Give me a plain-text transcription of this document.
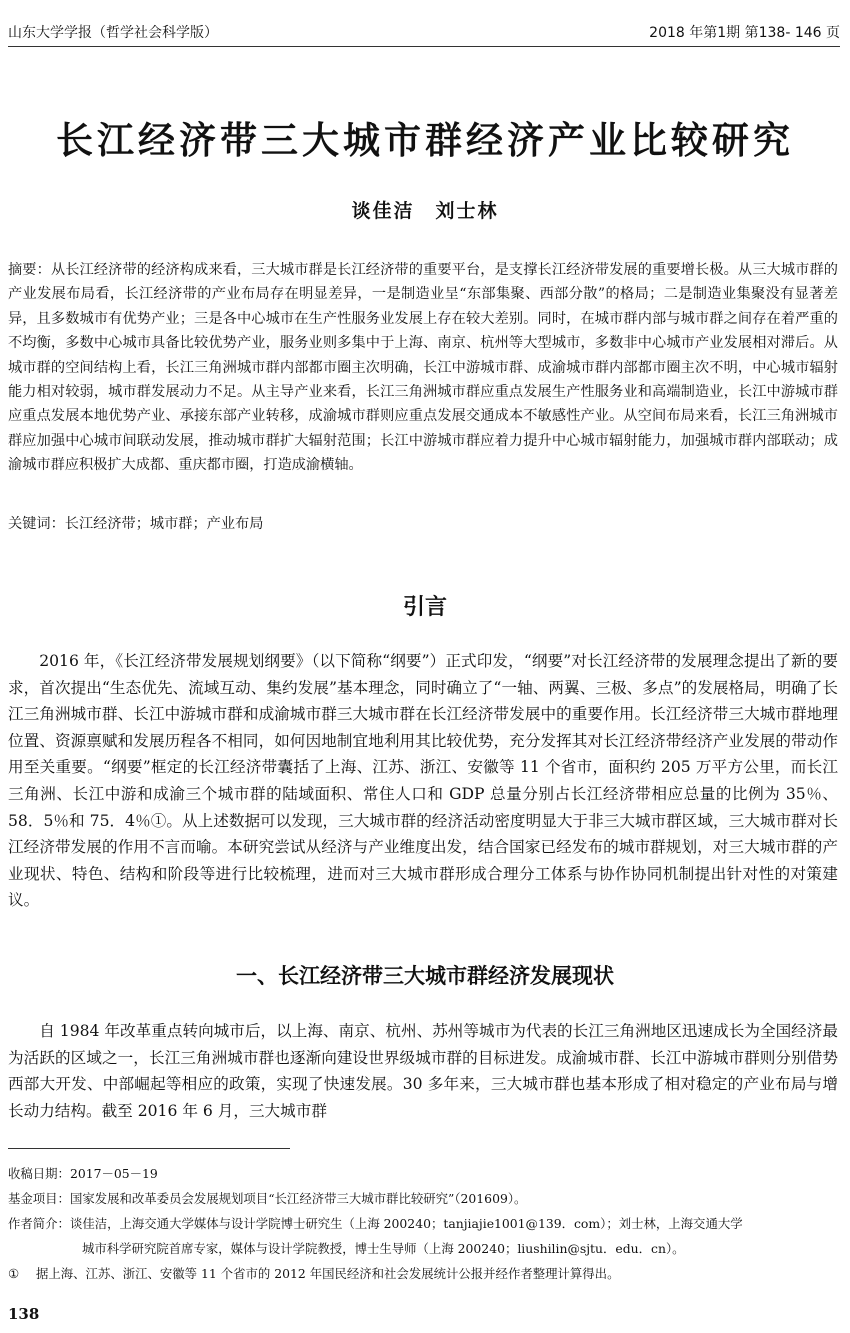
山东大学学报（哲学社会科学版）	2018 年第1期 第138- 146 页
长江经济带三大城市群经济产业比较研究
谈佳洁　刘士林
摘要：从长江经济带的经济构成来看，三大城市群是长江经济带的重要平台，是支撑长江经济带发展的重要增长极。从三大城市群的产业发展布局看，长江经济带的产业布局存在明显差异，一是制造业呈“东部集聚、西部分散”的格局；二是制造业集聚没有显著差异，且多数城市有优势产业；三是各中心城市在生产性服务业发展上存在较大差别。同时，在城市群内部与城市群之间存在着严重的不均衡，多数中心城市具备比较优势产业，服务业则多集中于上海、南京、杭州等大型城市，多数非中心城市产业发展相对滞后。从城市群的空间结构上看，长江三角洲城市群内部都市圈主次明确，长江中游城市群、成渝城市群内部都市圈主次不明，中心城市辐射能力相对较弱，城市群发展动力不足。从主导产业来看，长江三角洲城市群应重点发展生产性服务业和高端制造业，长江中游城市群应重点发展本地优势产业、承接东部产业转移，成渝城市群则应重点发展交通成本不敏感性产业。从空间布局来看，长江三角洲城市群应加强中心城市间联动发展，推动城市群扩大辐射范围；长江中游城市群应着力提升中心城市辐射能力，加强城市群内部联动；成渝城市群应积极扩大成都、重庆都市圈，打造成渝横轴。
关键词：长江经济带；城市群；产业布局
引言
2016 年，《长江经济带发展规划纲要》（以下简称“纲要”）正式印发，“纲要”对长江经济带的发展理念提出了新的要求，首次提出“生态优先、流域互动、集约发展”基本理念，同时确立了“一轴、两翼、三极、多点”的发展格局，明确了长江三角洲城市群、长江中游城市群和成渝城市群三大城市群在长江经济带发展中的重要作用。长江经济带三大城市群地理位置、资源禀赋和发展历程各不相同，如何因地制宜地利用其比较优势，充分发挥其对长江经济带经济产业发展的带动作用至关重要。“纲要”框定的长江经济带囊括了上海、江苏、浙江、安徽等 11 个省市，面积约 205 万平方公里，而长江三角洲、长江中游和成渝三个城市群的陆域面积、常住人口和 GDP 总量分别占长江经济带相应总量的比例为 35％、58．5％和 75．4％①。从上述数据可以发现，三大城市群的经济活动密度明显大于非三大城市群区域，三大城市群对长江经济带发展的作用不言而喻。本研究尝试从经济与产业维度出发，结合国家已经发布的城市群规划，对三大城市群的产业现状、特色、结构和阶段等进行比较梳理，进而对三大城市群形成合理分工体系与协作协同机制提出针对性的对策建议。
一、长江经济带三大城市群经济发展现状
自 1984 年改革重点转向城市后，以上海、南京、杭州、苏州等城市为代表的长江三角洲地区迅速成长为全国经济最为活跃的区域之一，长江三角洲城市群也逐渐向建设世界级城市群的目标进发。成渝城市群、长江中游城市群则分别借势西部大开发、中部崛起等相应的政策，实现了快速发展。30 多年来，三大城市群也基本形成了相对稳定的产业布局与增长动力结构。截至 2016 年 6 月，三大城市群
收稿日期：2017－05－19
基金项目：国家发展和改革委员会发展规划项目“长江经济带三大城市群比较研究”（201609）。
作者简介：谈佳洁，上海交通大学媒体与设计学院博士研究生（上海 200240；tanjiajie1001@139．com）；刘士林，上海交通大学
城市科学研究院首席专家，媒体与设计学院教授，博士生导师（上海 200240；liushilin@sjtu．edu．cn）。
① 据上海、江苏、浙江、安徽等 11 个省市的 2012 年国民经济和社会发展统计公报并经作者整理计算得出。
138
